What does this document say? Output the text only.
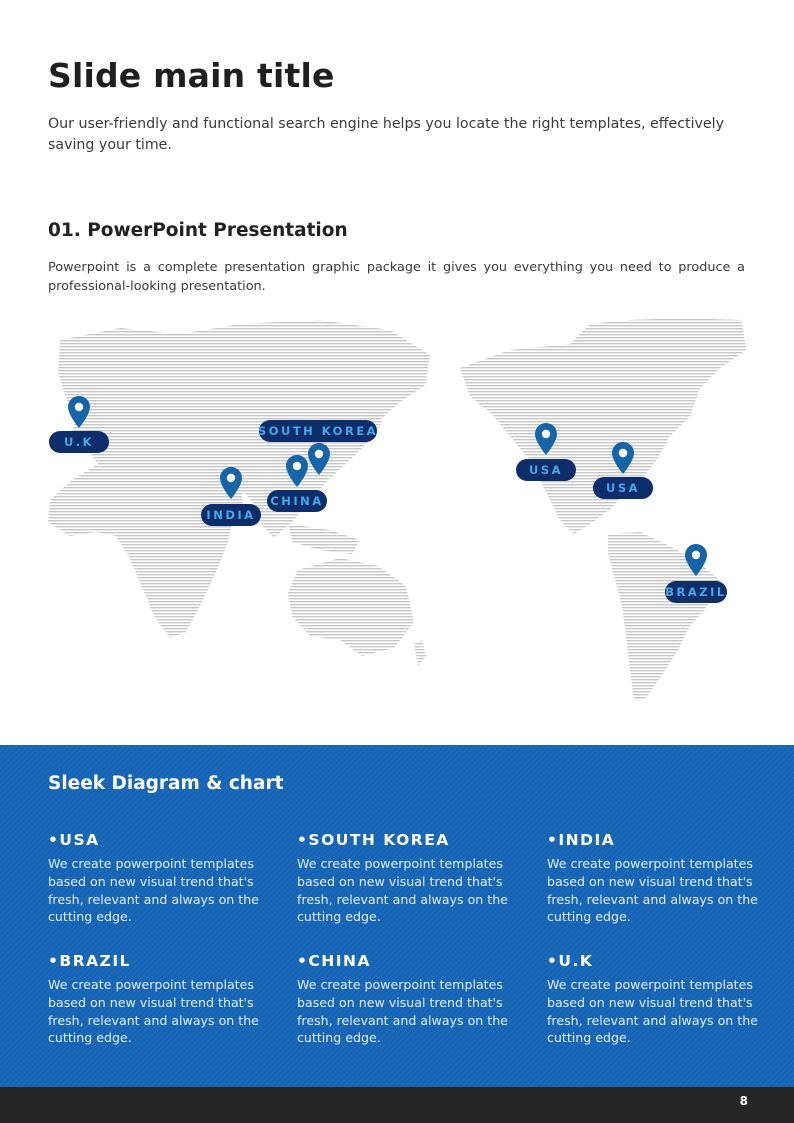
Slide main title
Our user-friendly and functional search engine helps you locate the right templates, effectively saving your time.
01. PowerPoint Presentation
Powerpoint is a complete presentation graphic package it gives you everything you need to produce a professional-looking presentation.
U.K
SOUTH KOREA
INDIA
CHINA
USA
USA
BRAZIL
Sleek Diagram & chart
•USA
We create powerpoint templates based on new visual trend that's fresh, relevant and always on the cutting edge.
•SOUTH KOREA
We create powerpoint templates based on new visual trend that's fresh, relevant and always on the cutting edge.
•INDIA
We create powerpoint templates based on new visual trend that's fresh, relevant and always on the cutting edge.
•BRAZIL
We create powerpoint templates based on new visual trend that's fresh, relevant and always on the cutting edge.
•CHINA
We create powerpoint templates based on new visual trend that's fresh, relevant and always on the cutting edge.
•U.K
We create powerpoint templates based on new visual trend that's fresh, relevant and always on the cutting edge.
8
